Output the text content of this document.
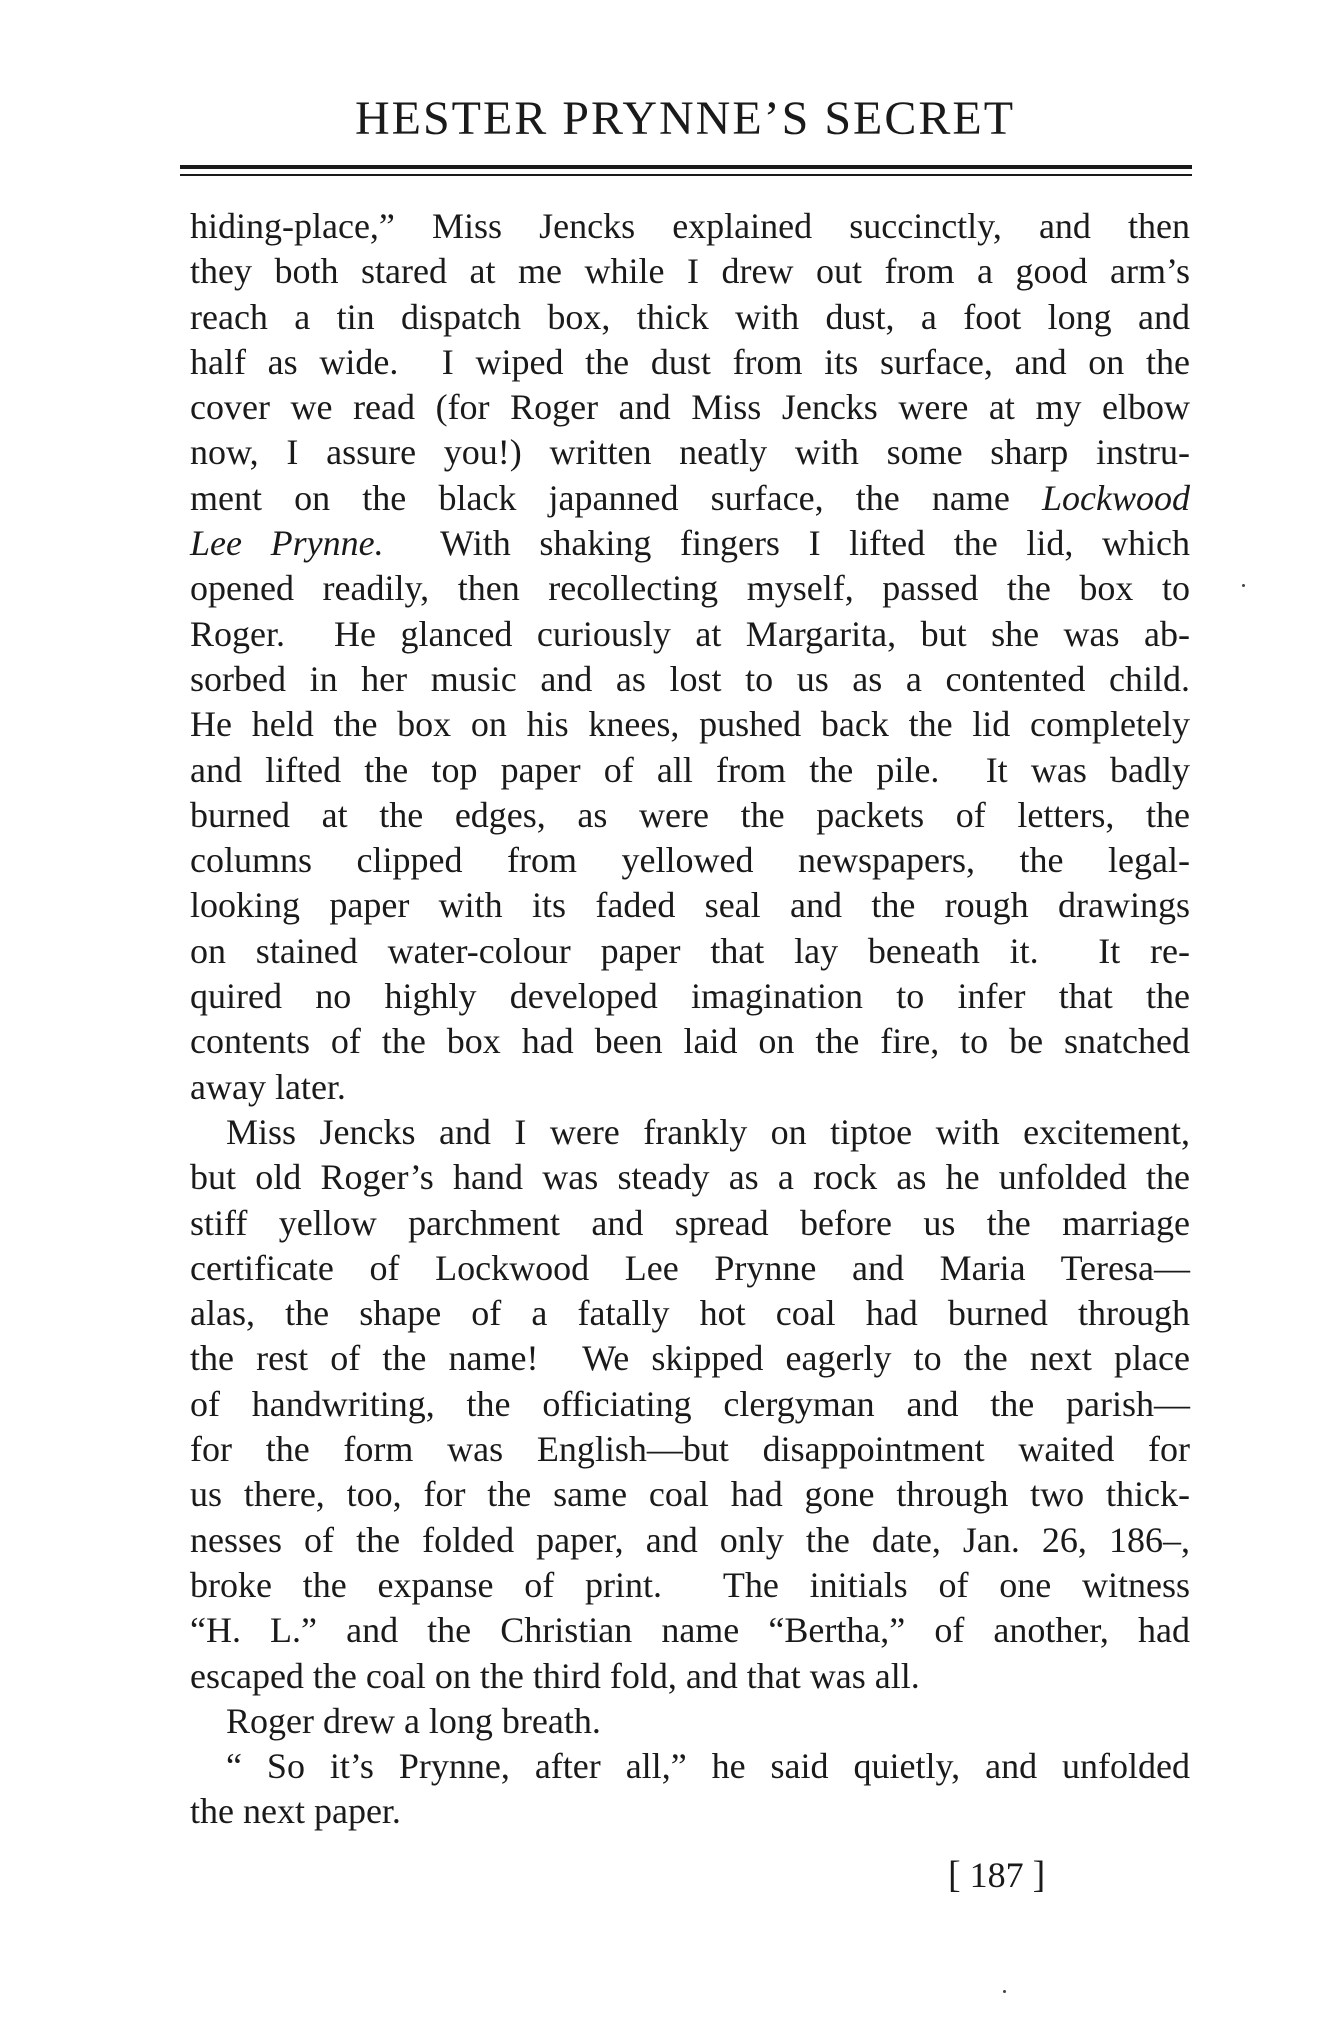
HESTER PRYNNE’S SECRET
hiding-place,” Miss Jencks explained succinctly, and then
they both stared at me while I drew out from a good arm’s
reach a tin dispatch box, thick with dust, a foot long and
half as wide.  I wiped the dust from its surface, and on the
cover we read (for Roger and Miss Jencks were at my elbow
now, I assure you!) written neatly with some sharp instru-
ment on the black japanned surface, the name Lockwood
Lee Prynne.  With shaking fingers I lifted the lid, which
opened readily, then recollecting myself, passed the box to
Roger.  He glanced curiously at Margarita, but she was ab-
sorbed in her music and as lost to us as a contented child.
He held the box on his knees, pushed back the lid completely
and lifted the top paper of all from the pile.  It was badly
burned at the edges, as were the packets of letters, the
columns clipped from yellowed newspapers, the legal-
looking paper with its faded seal and the rough drawings
on stained water-colour paper that lay beneath it.  It re-
quired no highly developed imagination to infer that the
contents of the box had been laid on the fire, to be snatched
away later.
Miss Jencks and I were frankly on tiptoe with excitement,
but old Roger’s hand was steady as a rock as he unfolded the
stiff yellow parchment and spread before us the marriage
certificate of Lockwood Lee Prynne and Maria Teresa—
alas, the shape of a fatally hot coal had burned through
the rest of the name!  We skipped eagerly to the next place
of handwriting, the officiating clergyman and the parish—
for the form was English—but disappointment waited for
us there, too, for the same coal had gone through two thick-
nesses of the folded paper, and only the date, Jan. 26, 186–,
broke the expanse of print.  The initials of one witness
“H. L.” and the Christian name “Bertha,” of another, had
escaped the coal on the third fold, and that was all.
Roger drew a long breath.
“ So it’s Prynne, after all,” he said quietly, and unfolded
the next paper.
[ 187 ]
